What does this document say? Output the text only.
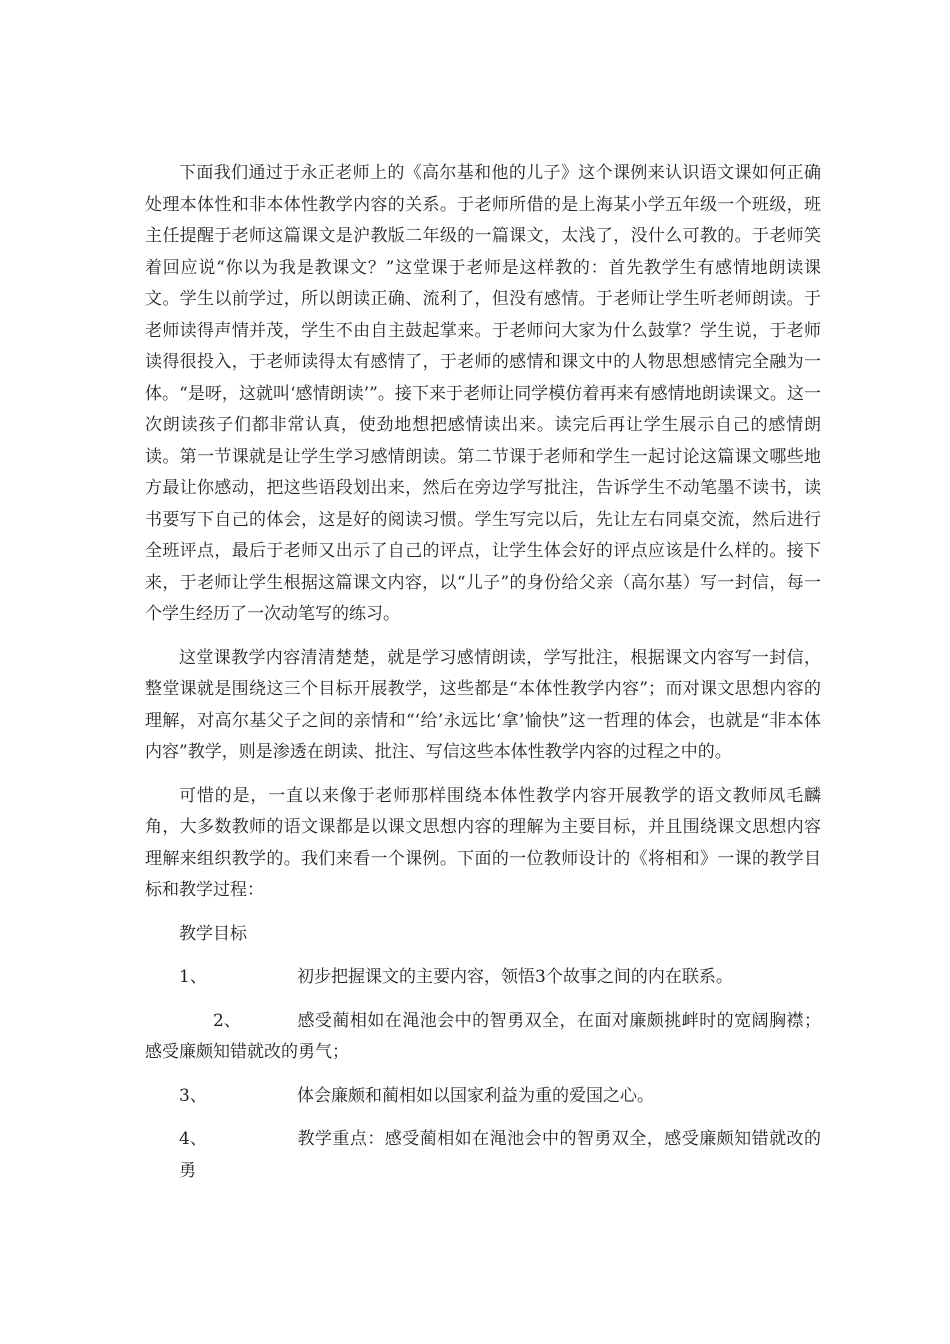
下面我们通过于永正老师上的《高尔基和他的儿子》这个课例来认识语文课如何正确处理本体性和非本体性教学内容的关系。于老师所借的是上海某小学五年级一个班级，班主任提醒于老师这篇课文是沪教版二年级的一篇课文，太浅了，没什么可教的。于老师笑着回应说“你以为我是教课文？”这堂课于老师是这样教的：首先教学生有感情地朗读课文。学生以前学过，所以朗读正确、流利了，但没有感情。于老师让学生听老师朗读。于老师读得声情并茂，学生不由自主鼓起掌来。于老师问大家为什么鼓掌？学生说，于老师读得很投入，于老师读得太有感情了，于老师的感情和课文中的人物思想感情完全融为一体。“是呀，这就叫‘感情朗读’”。接下来于老师让同学模仿着再来有感情地朗读课文。这一次朗读孩子们都非常认真，使劲地想把感情读出来。读完后再让学生展示自己的感情朗读。第一节课就是让学生学习感情朗读。第二节课于老师和学生一起讨论这篇课文哪些地方最让你感动，把这些语段划出来，然后在旁边学写批注，告诉学生不动笔墨不读书，读书要写下自己的体会，这是好的阅读习惯。学生写完以后，先让左右同桌交流，然后进行全班评点，最后于老师又出示了自己的评点，让学生体会好的评点应该是什么样的。接下来，于老师让学生根据这篇课文内容，以“儿子”的身份给父亲（高尔基）写一封信，每一个学生经历了一次动笔写的练习。

这堂课教学内容清清楚楚，就是学习感情朗读，学写批注，根据课文内容写一封信，整堂课就是围绕这三个目标开展教学，这些都是“本体性教学内容”；而对课文思想内容的理解，对高尔基父子之间的亲情和“‘给’永远比‘拿’愉快”这一哲理的体会，也就是“非本体内容”教学，则是渗透在朗读、批注、写信这些本体性教学内容的过程之中的。

可惜的是，一直以来像于老师那样围绕本体性教学内容开展教学的语文教师凤毛麟角，大多数教师的语文课都是以课文思想内容的理解为主要目标，并且围绕课文思想内容理解来组织教学的。我们来看一个课例。下面的一位教师设计的《将相和》一课的教学目标和教学过程：

教学目标

1、	初步把握课文的主要内容，领悟3个故事之间的内在联系。

2、	感受蔺相如在渑池会中的智勇双全，在面对廉颇挑衅时的宽阔胸襟；感受廉颇知错就改的勇气；

3、	体会廉颇和蔺相如以国家利益为重的爱国之心。

4、	教学重点：感受蔺相如在渑池会中的智勇双全，感受廉颇知错就改的勇
